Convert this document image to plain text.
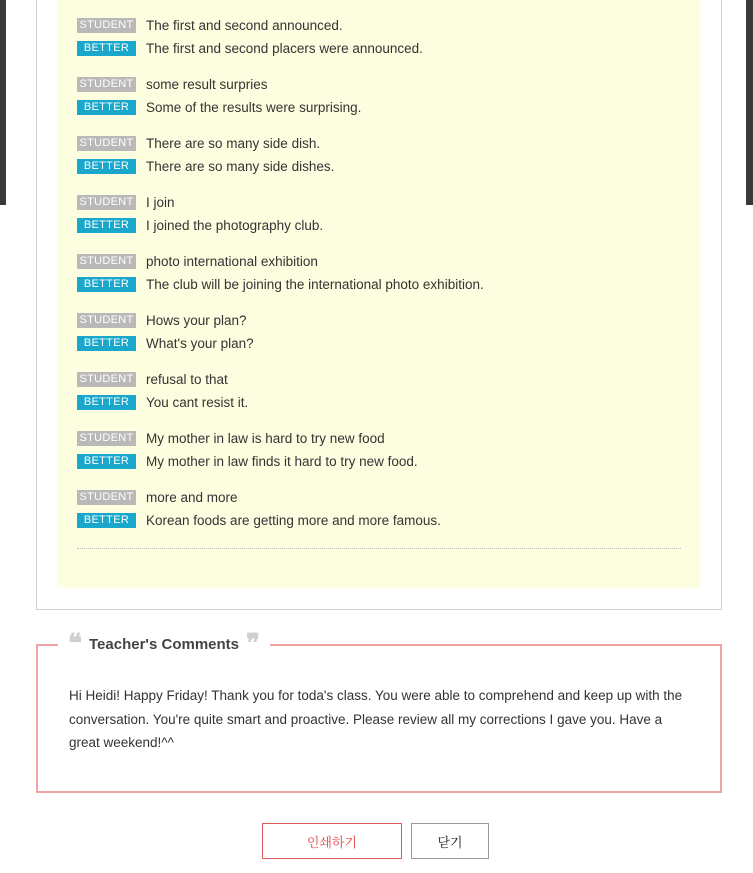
STUDENT The first and second announced.
BETTER	The first and second placers were announced.
STUDENT some result surpries
BETTER	Some of the results were surprising.
STUDENT There are so many side dish.
BETTER	There are so many side dishes.
STUDENT I join
BETTER	I joined the photography club.
STUDENT photo international exhibition
BETTER	The club will be joining the international photo exhibition.
STUDENT Hows your plan?
BETTER	What's your plan?
STUDENT refusal to that
BETTER	You cant resist it.
STUDENT My mother in law is hard to try new food
BETTER	My mother in law finds it hard to try new food.
STUDENT more and more
BETTER	Korean foods are getting more and more famous.
❝ Teacher's Comments ❞
Hi Heidi! Happy Friday! Thank you for toda's class. You were able to comprehend and keep up with the conversation. You're quite smart and proactive. Please review all my corrections I gave you. Have a great weekend!^^
인쇄하기	닫기
